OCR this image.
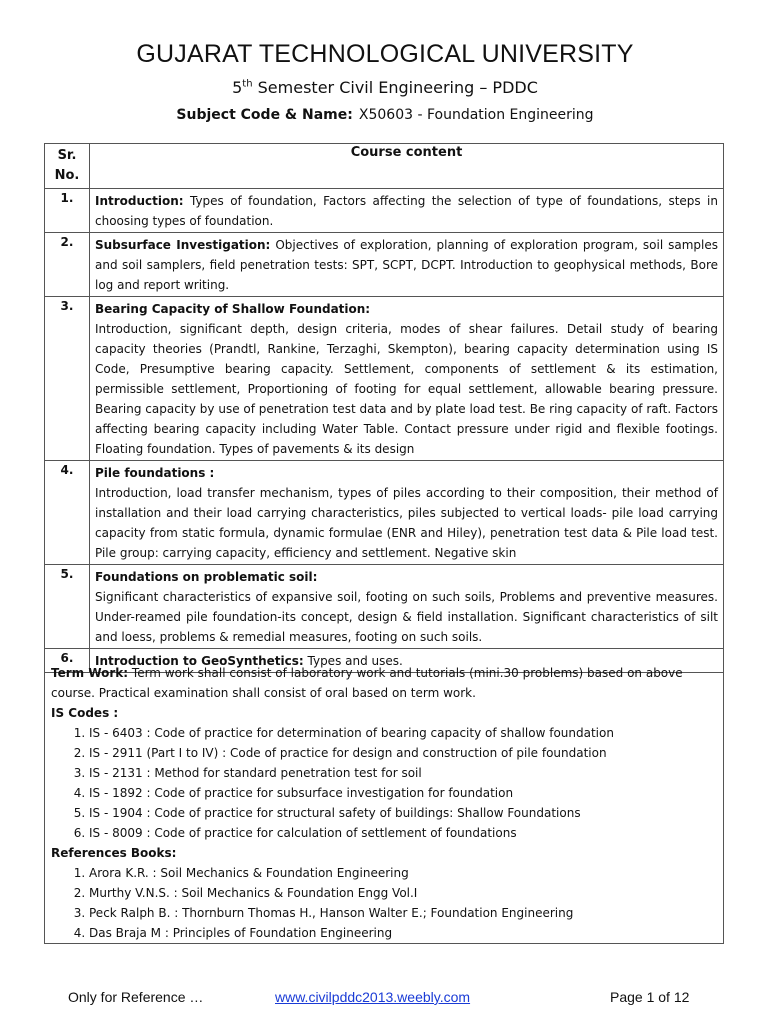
GUJARAT TECHNOLOGICAL UNIVERSITY
5th Semester Civil Engineering – PDDC
Subject Code & Name: X50603 - Foundation Engineering
Sr. No.	Course content
1.	Introduction: Types of foundation, Factors affecting the selection of type of foundations, steps in choosing types of foundation.
2.	Subsurface Investigation: Objectives of exploration, planning of exploration program, soil samples and soil samplers, field penetration tests: SPT, SCPT, DCPT. Introduction to geophysical methods, Bore log and report writing.
3.	Bearing Capacity of Shallow Foundation:
Introduction, significant depth, design criteria, modes of shear failures. Detail study of bearing capacity theories (Prandtl, Rankine, Terzaghi, Skempton), bearing capacity determination using IS Code, Presumptive bearing capacity. Settlement, components of settlement & its estimation, permissible settlement, Proportioning of footing for equal settlement, allowable bearing pressure. Bearing capacity by use of penetration test data and by plate load test. Be ring capacity of raft. Factors affecting bearing capacity including Water Table. Contact pressure under rigid and flexible footings. Floating foundation. Types of pavements & its design
4.	Pile foundations :
Introduction, load transfer mechanism, types of piles according to their composition, their method of installation and their load carrying characteristics, piles subjected to vertical loads- pile load carrying capacity from static formula, dynamic formulae (ENR and Hiley), penetration test data & Pile load test. Pile group: carrying capacity, efficiency and settlement. Negative skin
5.	Foundations on problematic soil:
Significant characteristics of expansive soil, footing on such soils, Problems and preventive measures. Under-reamed pile foundation-its concept, design & field installation. Significant characteristics of silt and loess, problems & remedial measures, footing on such soils.
6.	Introduction to GeoSynthetics: Types and uses.
Term Work: Term work shall consist of laboratory work and tutorials (mini.30 problems) based on above course. Practical examination shall consist of oral based on term work.
IS Codes :
1. IS - 6403 : Code of practice for determination of bearing capacity of shallow foundation
2. IS - 2911 (Part I to IV) : Code of practice for design and construction of pile foundation
3. IS - 2131 : Method for standard penetration test for soil
4. IS - 1892 : Code of practice for subsurface investigation for foundation
5. IS - 1904 : Code of practice for structural safety of buildings: Shallow Foundations
6. IS - 8009 : Code of practice for calculation of settlement of foundations
References Books:
1. Arora K.R. : Soil Mechanics & Foundation Engineering
2. Murthy V.N.S. : Soil Mechanics & Foundation Engg Vol.I
3. Peck Ralph B. : Thornburn Thomas H., Hanson Walter E.; Foundation Engineering
4. Das Braja M : Principles of Foundation Engineering
Only for Reference …	www.civilpddc2013.weebly.com	Page 1 of 12
